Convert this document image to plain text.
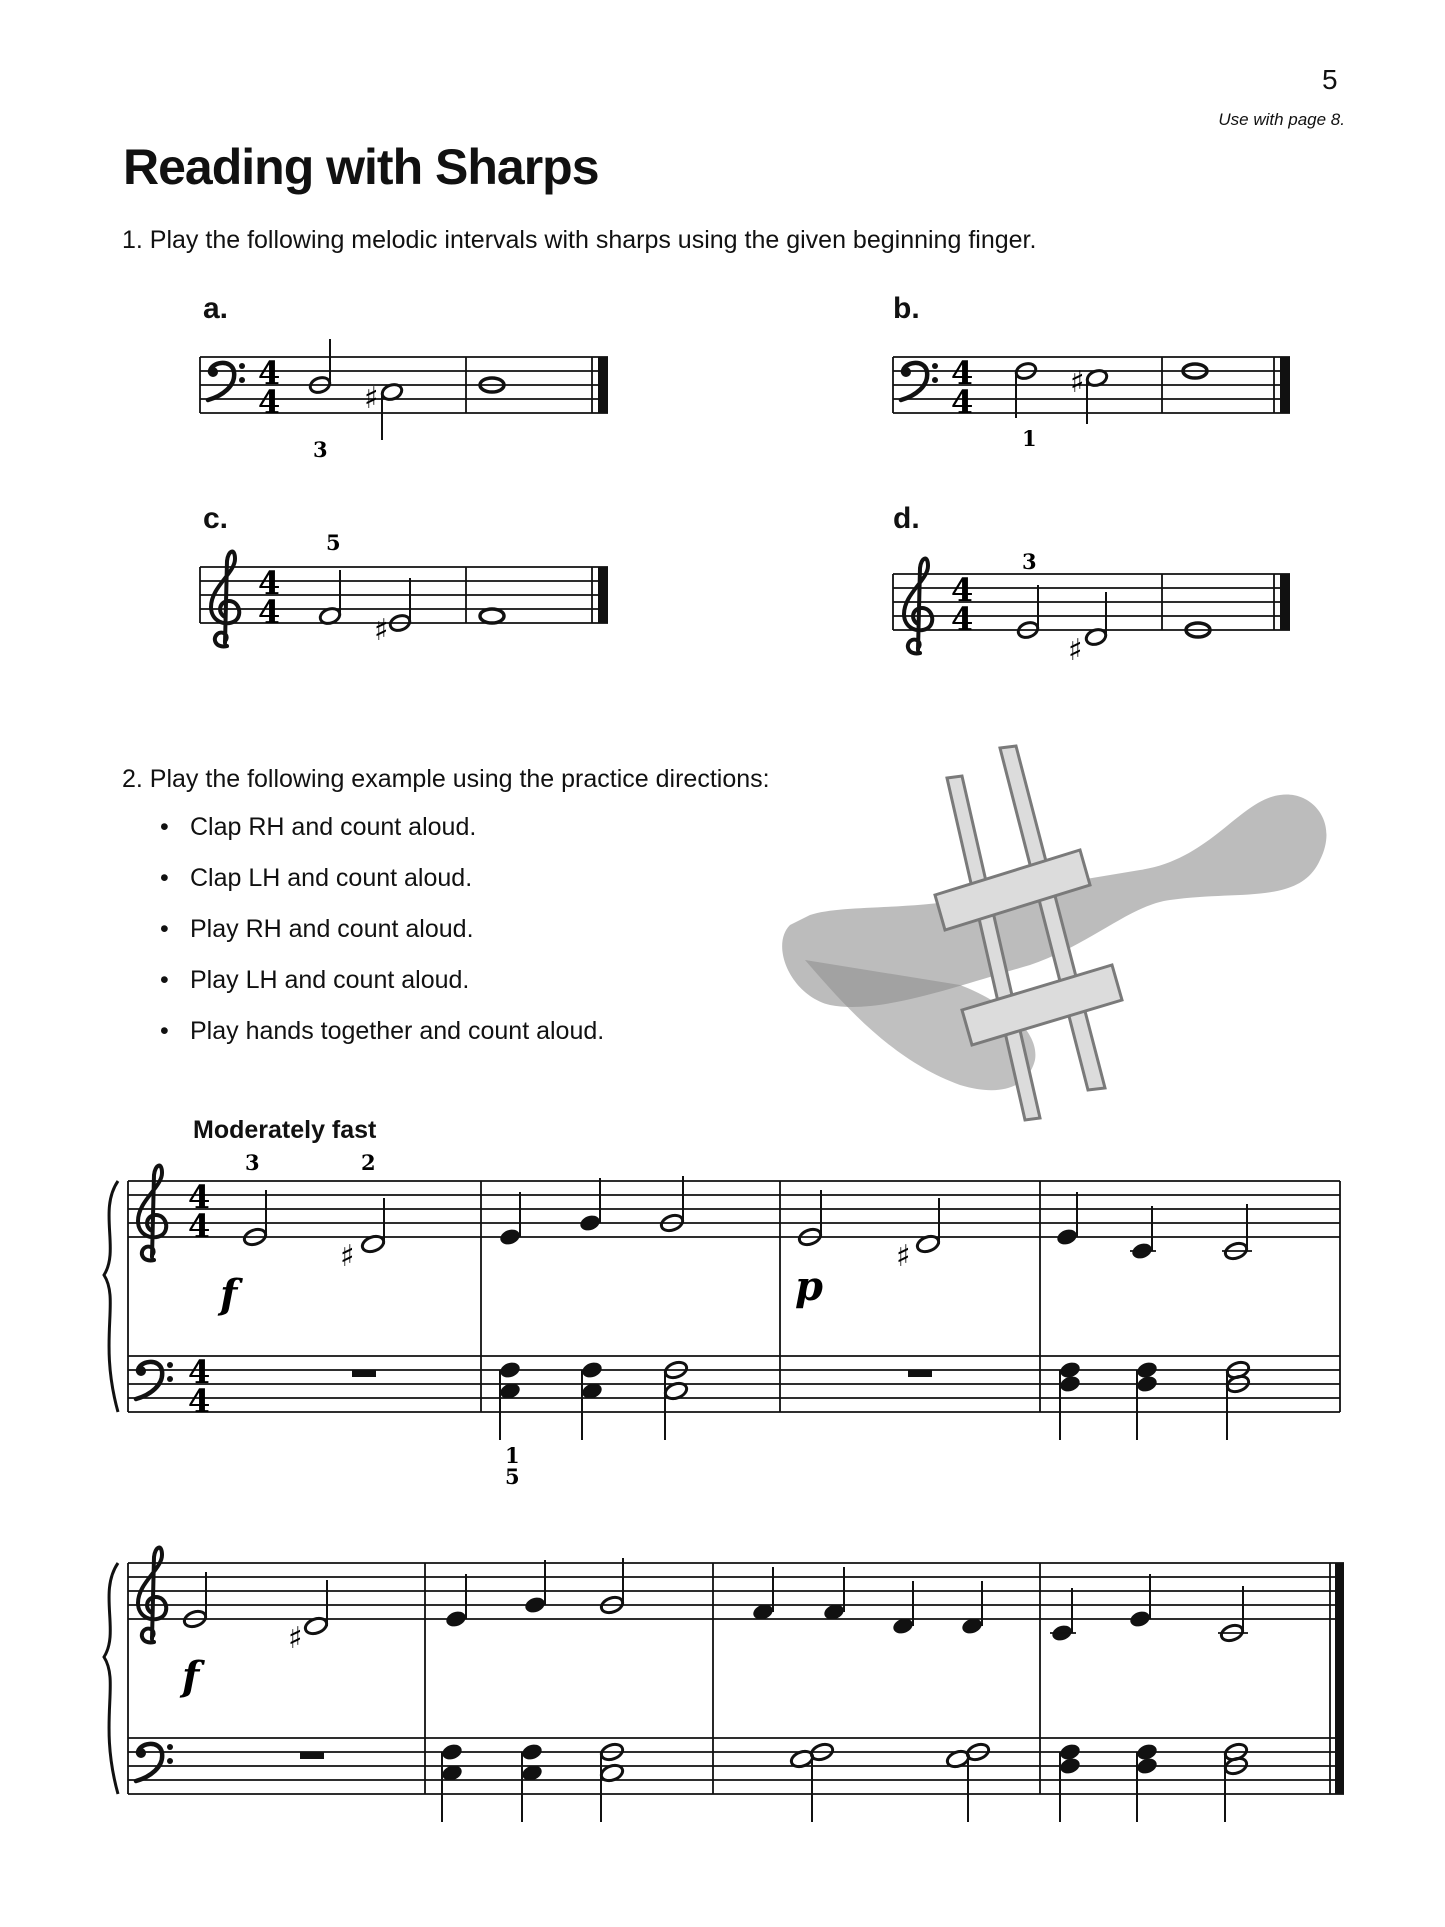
5
Use with page 8.
Reading with Sharps
1. Play the following melodic intervals with sharps using the given beginning finger.
a.	b.
c.	d.
2. Play the following example using the practice directions:
• Clap RH and count aloud.
• Clap LH and count aloud.
• Play RH and count aloud.
• Play LH and count aloud.
• Play hands together and count aloud.
Moderately fast
4
4	♯
3
4
4
♯
1
4
4	♯
5
4
4
♯
3
4
4
4
4
♯
3	2
f
♯
p
1
5
♯
f
